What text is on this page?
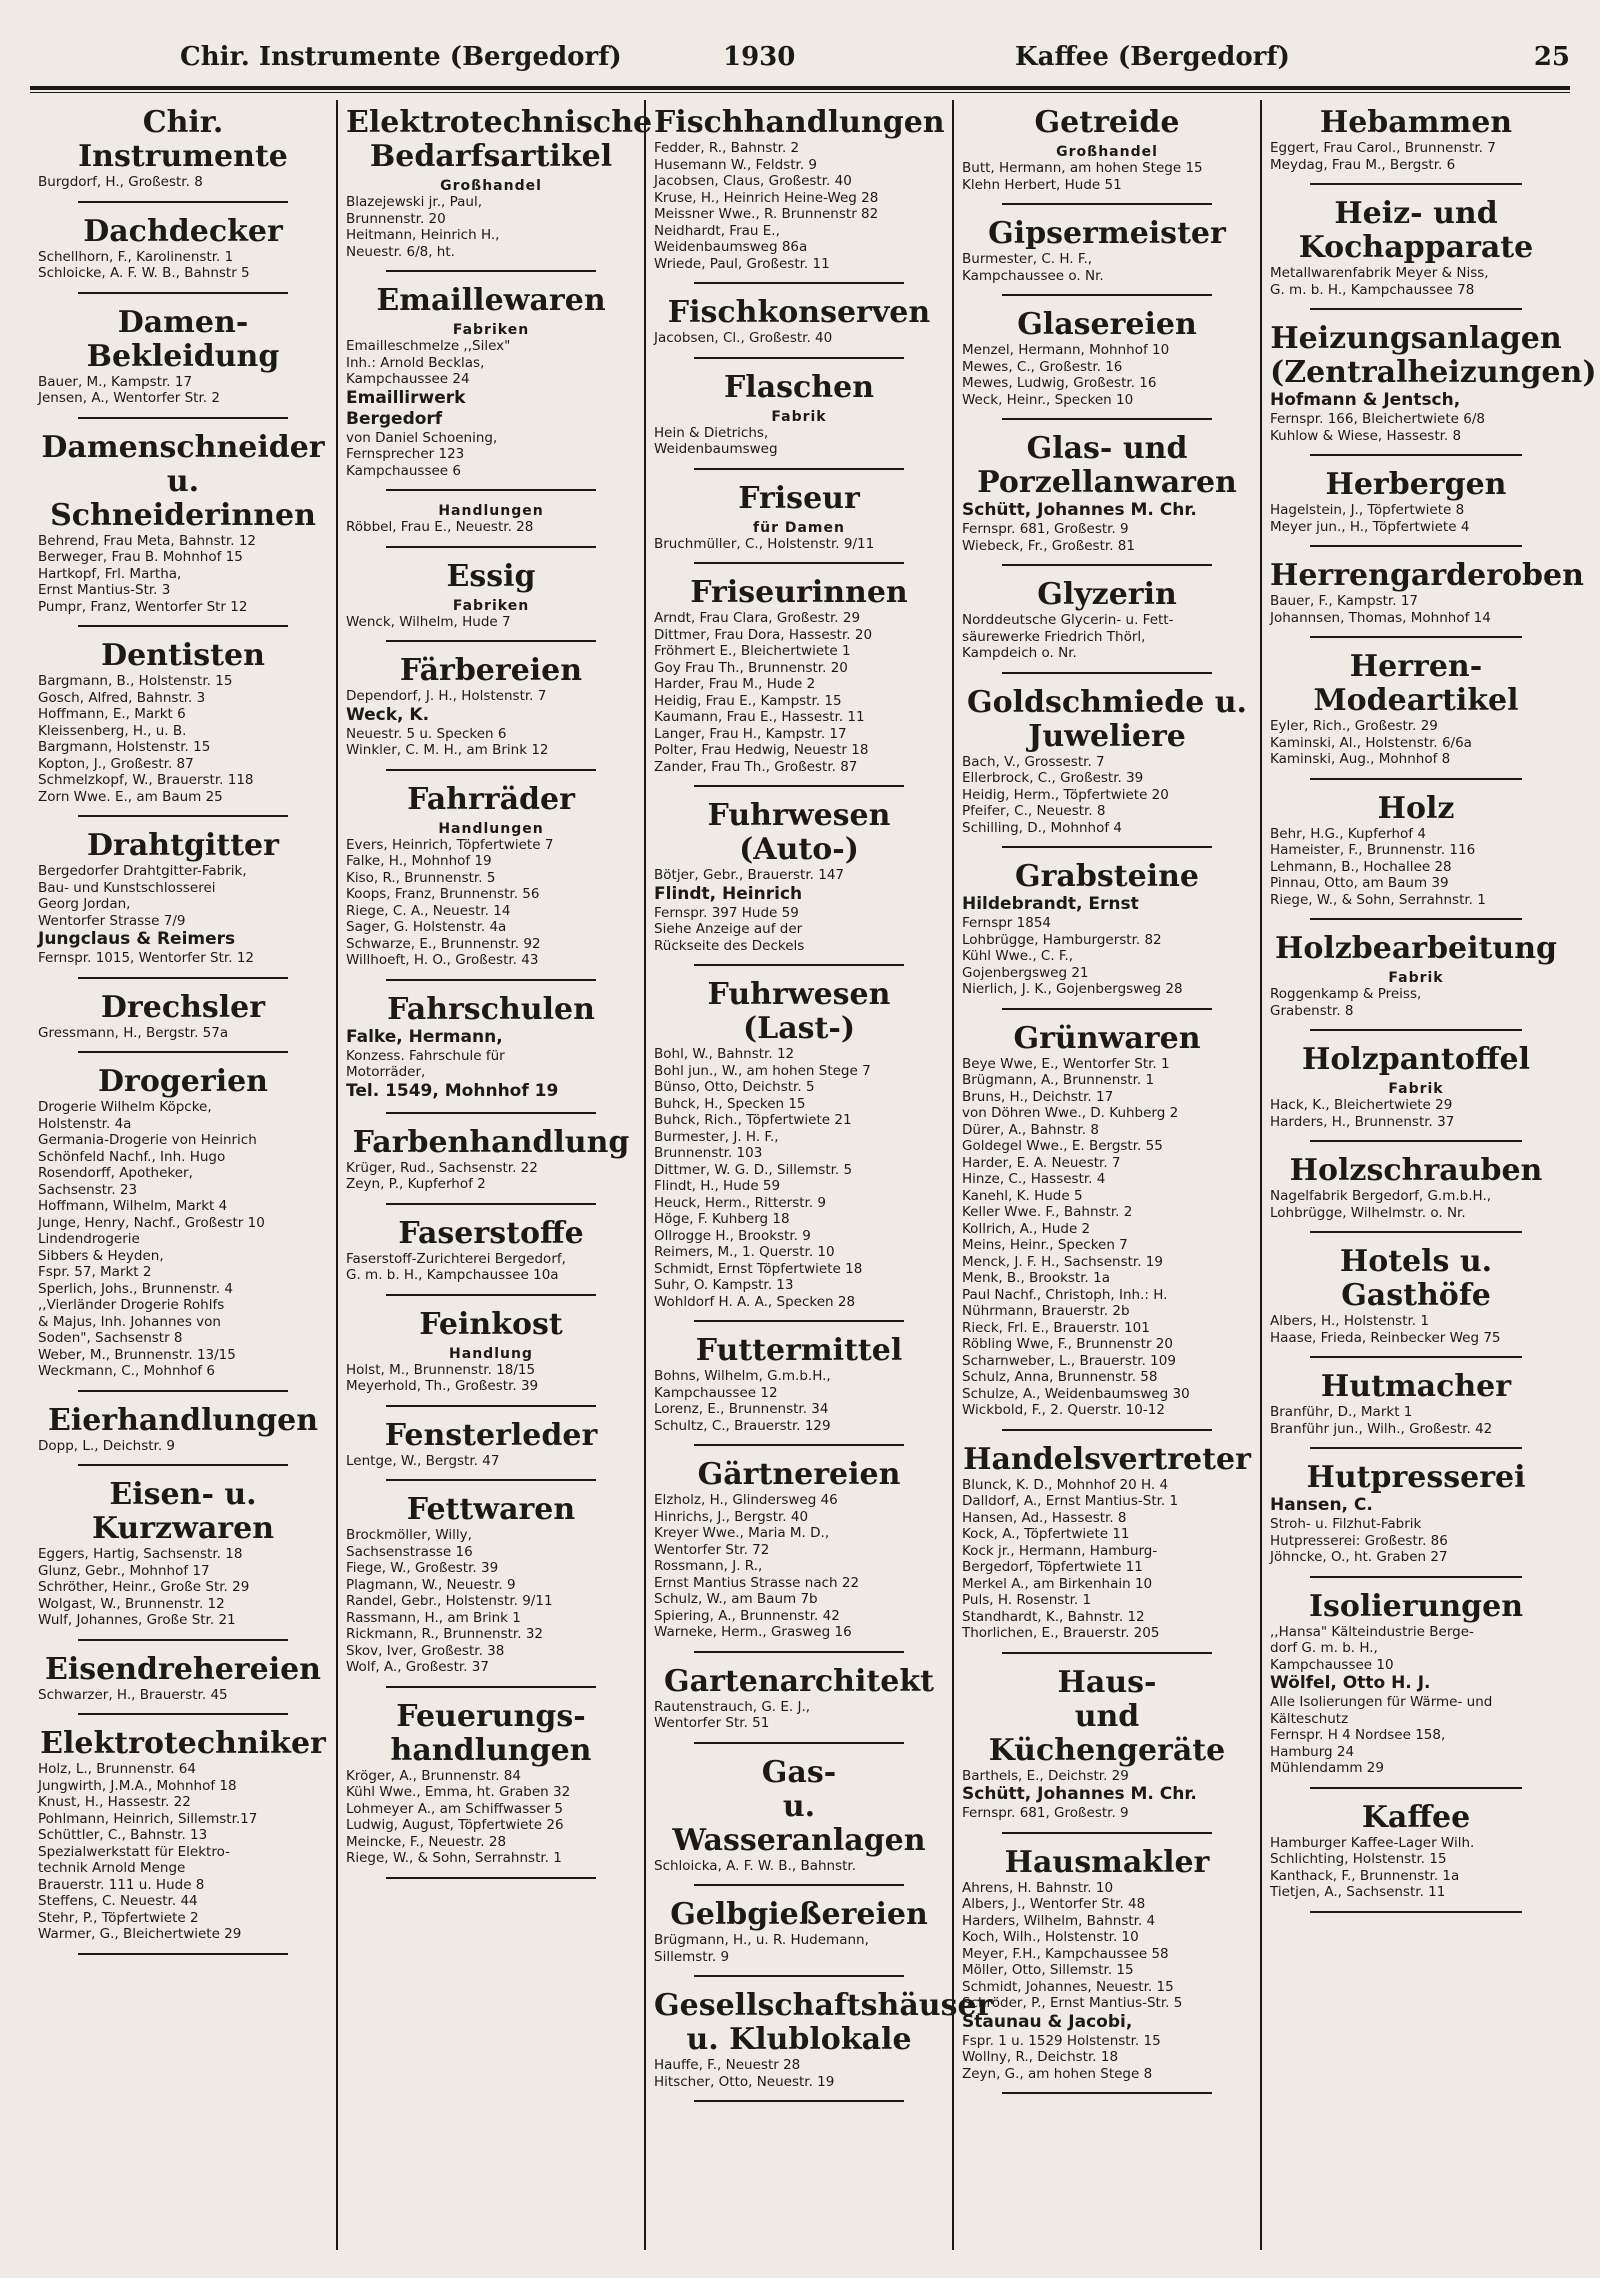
Chir. Instrumente (Bergedorf)	1930	Kaffee (Bergedorf)	25
Chir. Instrumente
Burgdorf, H., Großestr. 8
Dachdecker
Schellhorn, F., Karolinenstr. 1
Schloicke, A. F. W. B., Bahnstr 5
Damen-Bekleidung
Bauer, M., Kampstr. 17
Jensen, A., Wentorfer Str. 2
Damenschneider
u. Schneiderinnen
Behrend, Frau Meta, Bahnstr. 12
Berweger, Frau B. Mohnhof 15
Hartkopf, Frl. Martha,
Ernst Mantius-Str. 3
Pumpr, Franz, Wentorfer Str 12
Dentisten
Bargmann, B., Holstenstr. 15
Gosch, Alfred, Bahnstr. 3
Hoffmann, E., Markt 6
Kleissenberg, H., u. B.
Bargmann, Holstenstr. 15
Kopton, J., Großestr. 87
Schmelzkopf, W., Brauerstr. 118
Zorn Wwe. E., am Baum 25
Drahtgitter
Bergedorfer Drahtgitter-Fabrik,
Bau- und Kunstschlosserei
Georg Jordan,
Wentorfer Strasse 7/9
Jungclaus & Reimers
Fernspr. 1015, Wentorfer Str. 12
Drechsler
Gressmann, H., Bergstr. 57a
Drogerien
Drogerie Wilhelm Köpcke,
Holstenstr. 4a
Germania-Drogerie von Heinrich
Schönfeld Nachf., Inh. Hugo
Rosendorff, Apotheker,
Sachsenstr. 23
Hoffmann, Wilhelm, Markt 4
Junge, Henry, Nachf., Großestr 10
Lindendrogerie
Sibbers & Heyden,
Fspr. 57, Markt 2
Sperlich, Johs., Brunnenstr. 4
,,Vierländer Drogerie Rohlfs
& Majus, Inh. Johannes von
Soden", Sachsenstr 8
Weber, M., Brunnenstr. 13/15
Weckmann, C., Mohnhof 6
Eierhandlungen
Dopp, L., Deichstr. 9
Eisen- u.
Kurzwaren
Eggers, Hartig, Sachsenstr. 18
Glunz, Gebr., Mohnhof 17
Schröther, Heinr., Große Str. 29
Wolgast, W., Brunnenstr. 12
Wulf, Johannes, Große Str. 21
Eisendrehereien
Schwarzer, H., Brauerstr. 45
Elektrotechniker
Holz, L., Brunnenstr. 64
Jungwirth, J.M.A., Mohnhof 18
Knust, H., Hassestr. 22
Pohlmann, Heinrich, Sillemstr.17
Schüttler, C., Bahnstr. 13
Spezialwerkstatt für Elektro-
technik Arnold Menge
Brauerstr. 111 u. Hude 8
Steffens, C. Neuestr. 44
Stehr, P., Töpfertwiete 2
Warmer, G., Bleichertwiete 29
Elektrotechnische
Bedarfsartikel
Großhandel
Blazejewski jr., Paul,
Brunnenstr. 20
Heitmann, Heinrich H.,
Neuestr. 6/8, ht.
Emaillewaren
Fabriken
Emailleschmelze ,,Silex"
Inh.: Arnold Becklas,
Kampchaussee 24
Emaillirwerk
Bergedorf
von Daniel Schoening,
Fernsprecher 123
Kampchaussee 6
Handlungen
Röbbel, Frau E., Neuestr. 28
Essig
Fabriken
Wenck, Wilhelm, Hude 7
Färbereien
Dependorf, J. H., Holstenstr. 7
Weck, K.
Neuestr. 5 u. Specken 6
Winkler, C. M. H., am Brink 12
Fahrräder
Handlungen
Evers, Heinrich, Töpfertwiete 7
Falke, H., Mohnhof 19
Kiso, R., Brunnenstr. 5
Koops, Franz, Brunnenstr. 56
Riege, C. A., Neuestr. 14
Sager, G. Holstenstr. 4a
Schwarze, E., Brunnenstr. 92
Willhoeft, H. O., Großestr. 43
Fahrschulen
Falke, Hermann,
Konzess. Fahrschule für
Motorräder,
Tel. 1549, Mohnhof 19
Farbenhandlung
Krüger, Rud., Sachsenstr. 22
Zeyn, P., Kupferhof 2
Faserstoffe
Faserstoff-Zurichterei Bergedorf,
G. m. b. H., Kampchaussee 10a
Feinkost
Handlung
Holst, M., Brunnenstr. 18/15
Meyerhold, Th., Großestr. 39
Fensterleder
Lentge, W., Bergstr. 47
Fettwaren
Brockmöller, Willy,
Sachsenstrasse 16
Fiege, W., Großestr. 39
Plagmann, W., Neuestr. 9
Randel, Gebr., Holstenstr. 9/11
Rassmann, H., am Brink 1
Rickmann, R., Brunnenstr. 32
Skov, Iver, Großestr. 38
Wolf, A., Großestr. 37
Feuerungs-
handlungen
Kröger, A., Brunnenstr. 84
Kühl Wwe., Emma, ht. Graben 32
Lohmeyer A., am Schiffwasser 5
Ludwig, August, Töpfertwiete 26
Meincke, F., Neuestr. 28
Riege, W., & Sohn, Serrahnstr. 1
Fischhandlungen
Fedder, R., Bahnstr. 2
Husemann W., Feldstr. 9
Jacobsen, Claus, Großestr. 40
Kruse, H., Heinrich Heine-Weg 28
Meissner Wwe., R. Brunnenstr 82
Neidhardt, Frau E.,
Weidenbaumsweg 86a
Wriede, Paul, Großestr. 11
Fischkonserven
Jacobsen, Cl., Großestr. 40
Flaschen
Fabrik
Hein & Dietrichs,
Weidenbaumsweg
Friseur
für Damen
Bruchmüller, C., Holstenstr. 9/11
Friseurinnen
Arndt, Frau Clara, Großestr. 29
Dittmer, Frau Dora, Hassestr. 20
Fröhmert E., Bleichertwiete 1
Goy Frau Th., Brunnenstr. 20
Harder, Frau M., Hude 2
Heidig, Frau E., Kampstr. 15
Kaumann, Frau E., Hassestr. 11
Langer, Frau H., Kampstr. 17
Polter, Frau Hedwig, Neuestr 18
Zander, Frau Th., Großestr. 87
Fuhrwesen (Auto-)
Bötjer, Gebr., Brauerstr. 147
Flindt, Heinrich
Fernspr. 397 Hude 59
Siehe Anzeige auf der
Rückseite des Deckels
Fuhrwesen (Last-)
Bohl, W., Bahnstr. 12
Bohl jun., W., am hohen Stege 7
Bünso, Otto, Deichstr. 5
Buhck, H., Specken 15
Buhck, Rich., Töpfertwiete 21
Burmester, J. H. F.,
Brunnenstr. 103
Dittmer, W. G. D., Sillemstr. 5
Flindt, H., Hude 59
Heuck, Herm., Ritterstr. 9
Höge, F. Kuhberg 18
Ollrogge H., Brookstr. 9
Reimers, M., 1. Querstr. 10
Schmidt, Ernst Töpfertwiete 18
Suhr, O. Kampstr. 13
Wohldorf H. A. A., Specken 28
Futtermittel
Bohns, Wilhelm, G.m.b.H.,
Kampchaussee 12
Lorenz, E., Brunnenstr. 34
Schultz, C., Brauerstr. 129
Gärtnereien
Elzholz, H., Glindersweg 46
Hinrichs, J., Bergstr. 40
Kreyer Wwe., Maria M. D.,
Wentorfer Str. 72
Rossmann, J. R.,
Ernst Mantius Strasse nach 22
Schulz, W., am Baum 7b
Spiering, A., Brunnenstr. 42
Warneke, Herm., Grasweg 16
Gartenarchitekt
Rautenstrauch, G. E. J.,
Wentorfer Str. 51
Gas-
u. Wasseranlagen
Schloicka, A. F. W. B., Bahnstr.
Gelbgießereien
Brügmann, H., u. R. Hudemann,
Sillemstr. 9
Gesellschaftshäuser
u. Klublokale
Hauffe, F., Neuestr 28
Hitscher, Otto, Neuestr. 19
Getreide
Großhandel
Butt, Hermann, am hohen Stege 15
Klehn Herbert, Hude 51
Gipsermeister
Burmester, C. H. F.,
Kampchaussee o. Nr.
Glasereien
Menzel, Hermann, Mohnhof 10
Mewes, C., Großestr. 16
Mewes, Ludwig, Großestr. 16
Weck, Heinr., Specken 10
Glas- und
Porzellanwaren
Schütt, Johannes M. Chr.
Fernspr. 681, Großestr. 9
Wiebeck, Fr., Großestr. 81
Glyzerin
Norddeutsche Glycerin- u. Fett-
säurewerke Friedrich Thörl,
Kampdeich o. Nr.
Goldschmiede u.
Juweliere
Bach, V., Grossestr. 7
Ellerbrock, C., Großestr. 39
Heidig, Herm., Töpfertwiete 20
Pfeifer, C., Neuestr. 8
Schilling, D., Mohnhof 4
Grabsteine
Hildebrandt, Ernst
Fernspr 1854
Lohbrügge, Hamburgerstr. 82
Kühl Wwe., C. F.,
Gojenbergsweg 21
Nierlich, J. K., Gojenbergsweg 28
Grünwaren
Beye Wwe, E., Wentorfer Str. 1
Brügmann, A., Brunnenstr. 1
Bruns, H., Deichstr. 17
von Döhren Wwe., D. Kuhberg 2
Dürer, A., Bahnstr. 8
Goldegel Wwe., E. Bergstr. 55
Harder, E. A. Neuestr. 7
Hinze, C., Hassestr. 4
Kanehl, K. Hude 5
Keller Wwe. F., Bahnstr. 2
Kollrich, A., Hude 2
Meins, Heinr., Specken 7
Menck, J. F. H., Sachsenstr. 19
Menk, B., Brookstr. 1a
Paul Nachf., Christoph, Inh.: H.
Nührmann, Brauerstr. 2b
Rieck, Frl. E., Brauerstr. 101
Röbling Wwe, F., Brunnenstr 20
Scharnweber, L., Brauerstr. 109
Schulz, Anna, Brunnenstr. 58
Schulze, A., Weidenbaumsweg 30
Wickbold, F., 2. Querstr. 10-12
Handelsvertreter
Blunck, K. D., Mohnhof 20 H. 4
Dalldorf, A., Ernst Mantius-Str. 1
Hansen, Ad., Hassestr. 8
Kock, A., Töpfertwiete 11
Kock jr., Hermann, Hamburg-
Bergedorf, Töpfertwiete 11
Merkel A., am Birkenhain 10
Puls, H. Rosenstr. 1
Standhardt, K., Bahnstr. 12
Thorlichen, E., Brauerstr. 205
Haus-
und Küchengeräte
Barthels, E., Deichstr. 29
Schütt, Johannes M. Chr.
Fernspr. 681, Großestr. 9
Hausmakler
Ahrens, H. Bahnstr. 10
Albers, J., Wentorfer Str. 48
Harders, Wilhelm, Bahnstr. 4
Koch, Wilh., Holstenstr. 10
Meyer, F.H., Kampchaussee 58
Möller, Otto, Sillemstr. 15
Schmidt, Johannes, Neuestr. 15
Schröder, P., Ernst Mantius-Str. 5
Staunau & Jacobi,
Fspr. 1 u. 1529 Holstenstr. 15
Wollny, R., Deichstr. 18
Zeyn, G., am hohen Stege 8
Hebammen
Eggert, Frau Carol., Brunnenstr. 7
Meydag, Frau M., Bergstr. 6
Heiz- und
Kochapparate
Metallwarenfabrik Meyer & Niss,
G. m. b. H., Kampchaussee 78
Heizungsanlagen
(Zentralheizungen)
Hofmann & Jentsch,
Fernspr. 166, Bleichertwiete 6/8
Kuhlow & Wiese, Hassestr. 8
Herbergen
Hagelstein, J., Töpfertwiete 8
Meyer jun., H., Töpfertwiete 4
Herrengarderoben
Bauer, F., Kampstr. 17
Johannsen, Thomas, Mohnhof 14
Herren-
Modeartikel
Eyler, Rich., Großestr. 29
Kaminski, Al., Holstenstr. 6/6a
Kaminski, Aug., Mohnhof 8
Holz
Behr, H.G., Kupferhof 4
Hameister, F., Brunnenstr. 116
Lehmann, B., Hochallee 28
Pinnau, Otto, am Baum 39
Riege, W., & Sohn, Serrahnstr. 1
Holzbearbeitung
Fabrik
Roggenkamp & Preiss,
Grabenstr. 8
Holzpantoffel
Fabrik
Hack, K., Bleichertwiete 29
Harders, H., Brunnenstr. 37
Holzschrauben
Nagelfabrik Bergedorf, G.m.b.H.,
Lohbrügge, Wilhelmstr. o. Nr.
Hotels u. Gasthöfe
Albers, H., Holstenstr. 1
Haase, Frieda, Reinbecker Weg 75
Hutmacher
Branführ, D., Markt 1
Branführ jun., Wilh., Großestr. 42
Hutpresserei
Hansen, C.
Stroh- u. Filzhut-Fabrik
Hutpresserei: Großestr. 86
Jöhncke, O., ht. Graben 27
Isolierungen
,,Hansa" Kälteindustrie Berge-
dorf G. m. b. H.,
Kampchaussee 10
Wölfel, Otto H. J.
Alle Isolierungen für Wärme- und
Kälteschutz
Fernspr. H 4 Nordsee 158,
Hamburg 24
Mühlendamm 29
Kaffee
Hamburger Kaffee-Lager Wilh.
Schlichting, Holstenstr. 15
Kanthack, F., Brunnenstr. 1a
Tietjen, A., Sachsenstr. 11
